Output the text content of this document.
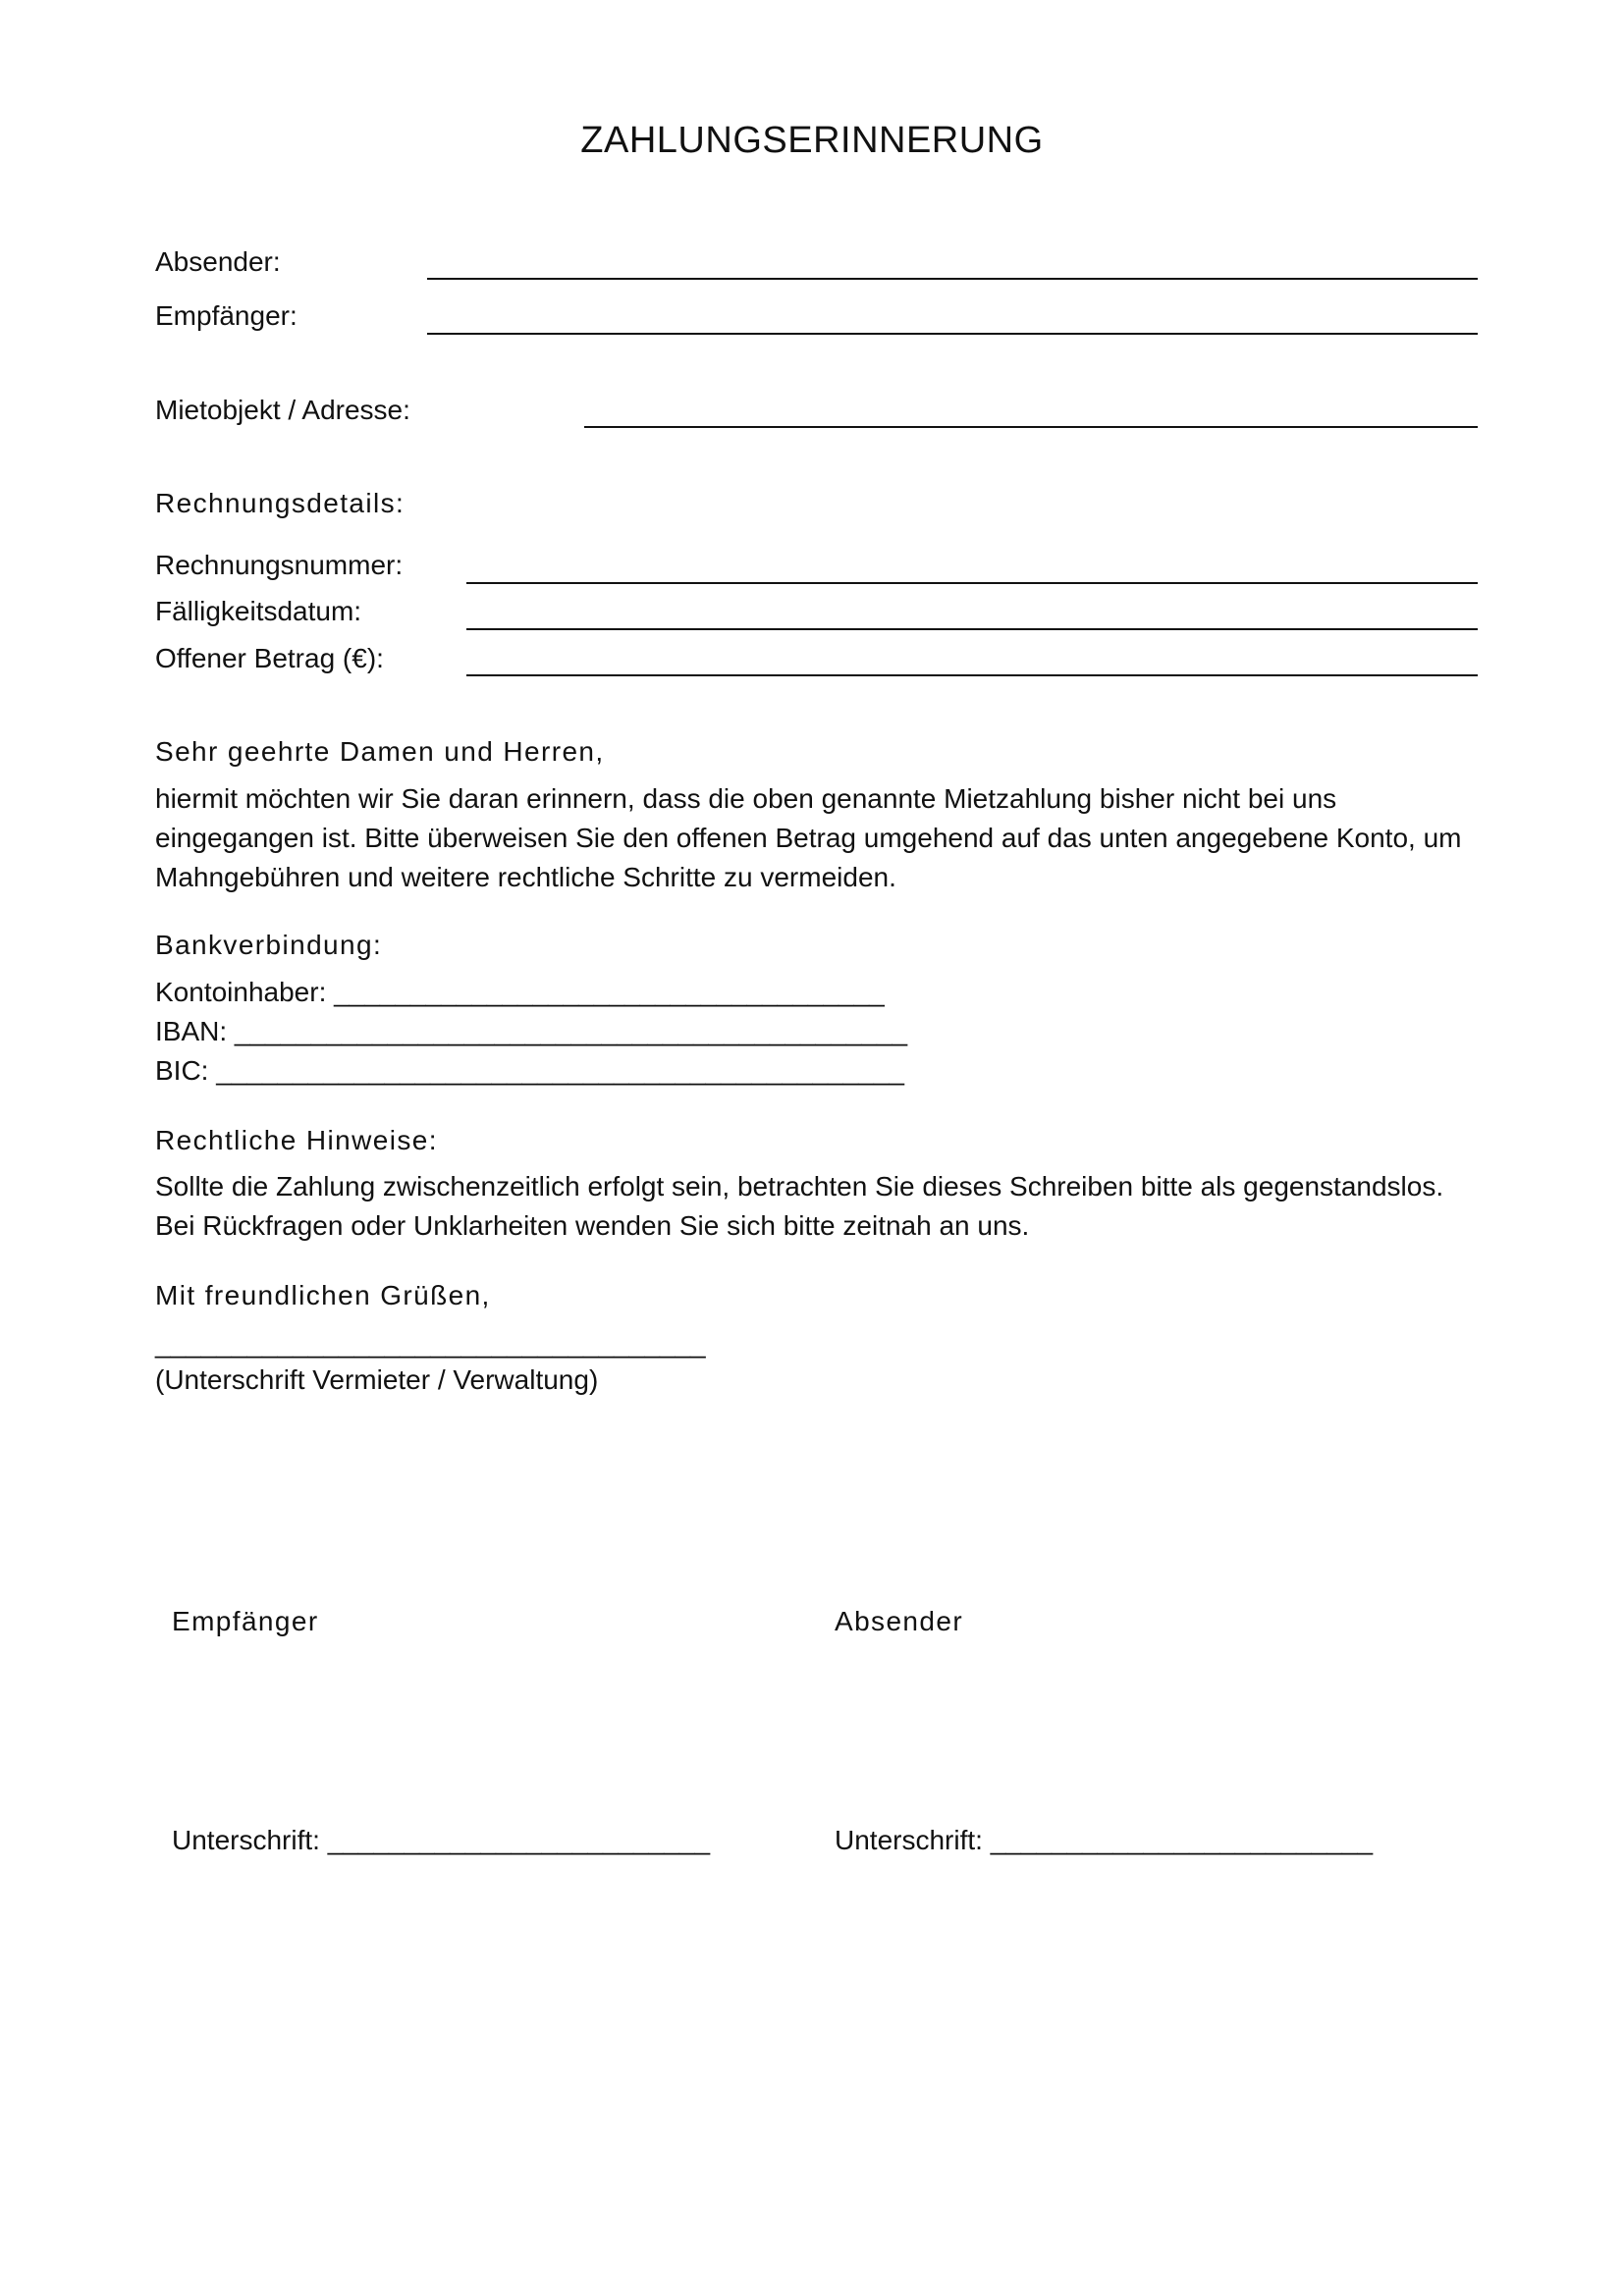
ZAHLUNGSERINNERUNG
Absender:
Empfänger:
Mietobjekt / Adresse:
Rechnungsdetails:
Rechnungsnummer:
Fälligkeitsdatum:
Offener Betrag (€):
Sehr geehrte Damen und Herren,
hiermit möchten wir Sie daran erinnern, dass die oben genannte Mietzahlung bisher nicht bei uns
eingegangen ist. Bitte überweisen Sie den offenen Betrag umgehend auf das unten angegebene Konto, um
Mahngebühren und weitere rechtliche Schritte zu vermeiden.
Bankverbindung:
Kontoinhaber: ____________________________________
IBAN: ____________________________________________
BIC: _____________________________________________
Rechtliche Hinweise:
Sollte die Zahlung zwischenzeitlich erfolgt sein, betrachten Sie dieses Schreiben bitte als gegenstandslos.
Bei Rückfragen oder Unklarheiten wenden Sie sich bitte zeitnah an uns.
Mit freundlichen Grüßen,
____________________________________
(Unterschrift Vermieter / Verwaltung)
Empfänger	Absender
Unterschrift: _________________________	Unterschrift: _________________________
